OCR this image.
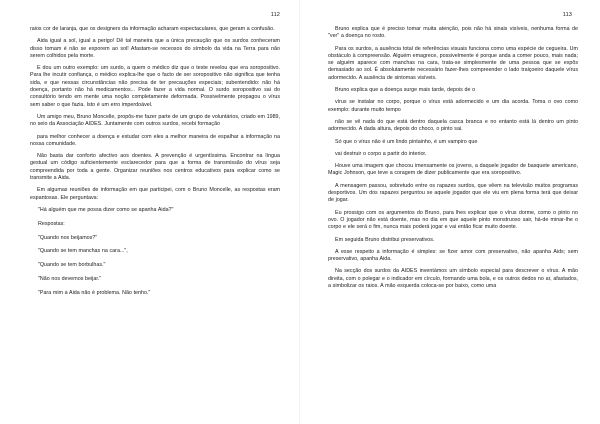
112

raios cor de laranja, que os designers da informação acharam espectaculares, que geram a confusão.

Aida igual a sol, igual a perigo! Dê tal maneira que a única precaução que os surdos conheceram disso tomam é não se exporem ao sol! Afastam-se receosos do símbolo da vida na Terra para não serem colhidos pela morte.

E dou um outro exemplo: um surdo, a quem o médico diz que o teste revelou que era soropositivo. Para lhe incutir confiança, o médico explica-lhe que o facto de ser soropositivo não significa que tenha sida, e que nessas circunstâncias não precisa de ter precauções especiais; subentendido: não há doença, portanto não há medicamentos... Pode fazer a vida normal. O surdo soropositivo sai do consultório tendo em mente uma noção completamente deformada. Possivelmente propagou o vírus sem saber o que fazia. Isto é um erro imperdoável.

Um amigo meu, Bruno Moncelle, propôs-me fazer parte de um grupo de voluntários, criado em 1989, no seio da Associação AIDES. Juntamente com outros surdos, recebi formação

para melhor conhecer a doença e estudar com eles a melhor maneira de espalhar a informação na nossa comunidade.

Não basta dar conforto afectivo aos doentes. A prevenção é urgentíssima. Encontrar na língua gestual um código suficientemente esclarecedor para que a forma de transmissão do vírus seja compreendida por toda a gente. Organizar reuniões nos centros educativos para explicar como se transmite a Aida.

Em algumas reuniões de informação em que participei, com o Bruno Moncelle, as respostas eram espantosas. Ele perguntava:

"Há alguém que me possa dizer como se apanha Aida?"

Respostas:

"Quando nos beijamos?"

"Quando se tem manchas na cara...",

"Quando se tem borbulhas."

"Não nos devemos beijar."

"Para mim a Aida não é problema. Não tenho."

113

Bruno explica que é preciso tomar muita atenção, pois não há sinais visíveis, nenhuma forma de "ver" a doença no rosto.

Para os surdos, a ausência total de referências visuais funciona como uma espécie de cegueira. Um obstáculo à compreensão. Alguém emagrece, possivelmente é porque anda a comer pouco, mais nada; se alguém aparece com manchas na cara, trata-se simplesmente de uma pessoa que se expôs demasiado ao sol. É absolutamente necessário fazer-lhes compreender o lado traiçoeiro daquele vírus adormecido. A ausência de sintomas visíveis.

Bruno explica que a doença surge mais tarde, depois de o

vírus se instalar no corpo, porque o vírus está adormecido e um dia acorda. Toma o ovo como exemplo: durante muito tempo

não se vê nada do que está dentro daquela casca branca e no entanto está lá dentro um pinto adormecido. A dada altura, depois do choco, o pinto sai.

Só que o vírus não é um lindo pintainho, é um vampiro que

vai destruir o corpo a partir do interior.

Houve uma imagem que chocou imensamente os jovens, a daquele jogador de basquete americano, Magic Johnson, que teve a coragem de dizer publicamente que era soropositivo.

A mensagem passou, sobretudo entre os rapazes surdos, que vêem na televisão muitos programas desportivos. Um dos rapazes perguntou se aquele jogador que ele viu em plena forma terá que deixar de jogar.

Eu prossigo com os argumentos do Bruno, para lhes explicar que o vírus dorme, como o pinto no ovo. O jogador não está doente, mas no dia em que aquele pinto monstruoso sair, há-de minar-lhe o corpo e ele será o fim, nunca mais poderá jogar e vai então ficar muito doente.

Em seguida Bruno distribui preservativos.

A esse respeito a informação é simples: se fizer amor com preservativo, não apanha Aids; sem preservativo, apanha Aida.

Na secção dos surdos da AIDES inventámos um símbolo especial para descrever o vírus. A mão direita, com o polegar e o indicador em círculo, formando uma bola, e os outros dedos no ar, afastados, a simbolizar os raios. A mão esquerda coloca-se por baixo, como uma
